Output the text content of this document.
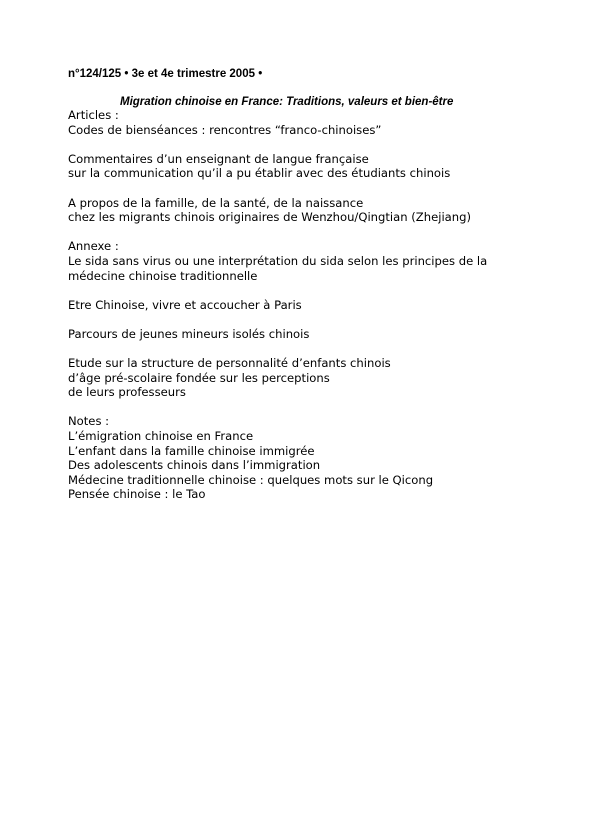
n°124/125 • 3e et 4e trimestre 2005 •
Migration chinoise en France: Traditions, valeurs et bien-être
Articles :
Codes de bienséances : rencontres “franco-chinoises”
Commentaires d’un enseignant de langue française
sur la communication qu’il a pu établir avec des étudiants chinois
A propos de la famille, de la santé, de la naissance
chez les migrants chinois originaires de Wenzhou/Qingtian (Zhejiang)
Annexe :
Le sida sans virus ou une interprétation du sida selon les principes de la
médecine chinoise traditionnelle
Etre Chinoise, vivre et accoucher à Paris
Parcours de jeunes mineurs isolés chinois
Etude sur la structure de personnalité d’enfants chinois
d’âge pré-scolaire fondée sur les perceptions
de leurs professeurs
Notes :
L’émigration chinoise en France
L’enfant dans la famille chinoise immigrée
Des adolescents chinois dans l’immigration
Médecine traditionnelle chinoise : quelques mots sur le Qicong
Pensée chinoise : le Tao
